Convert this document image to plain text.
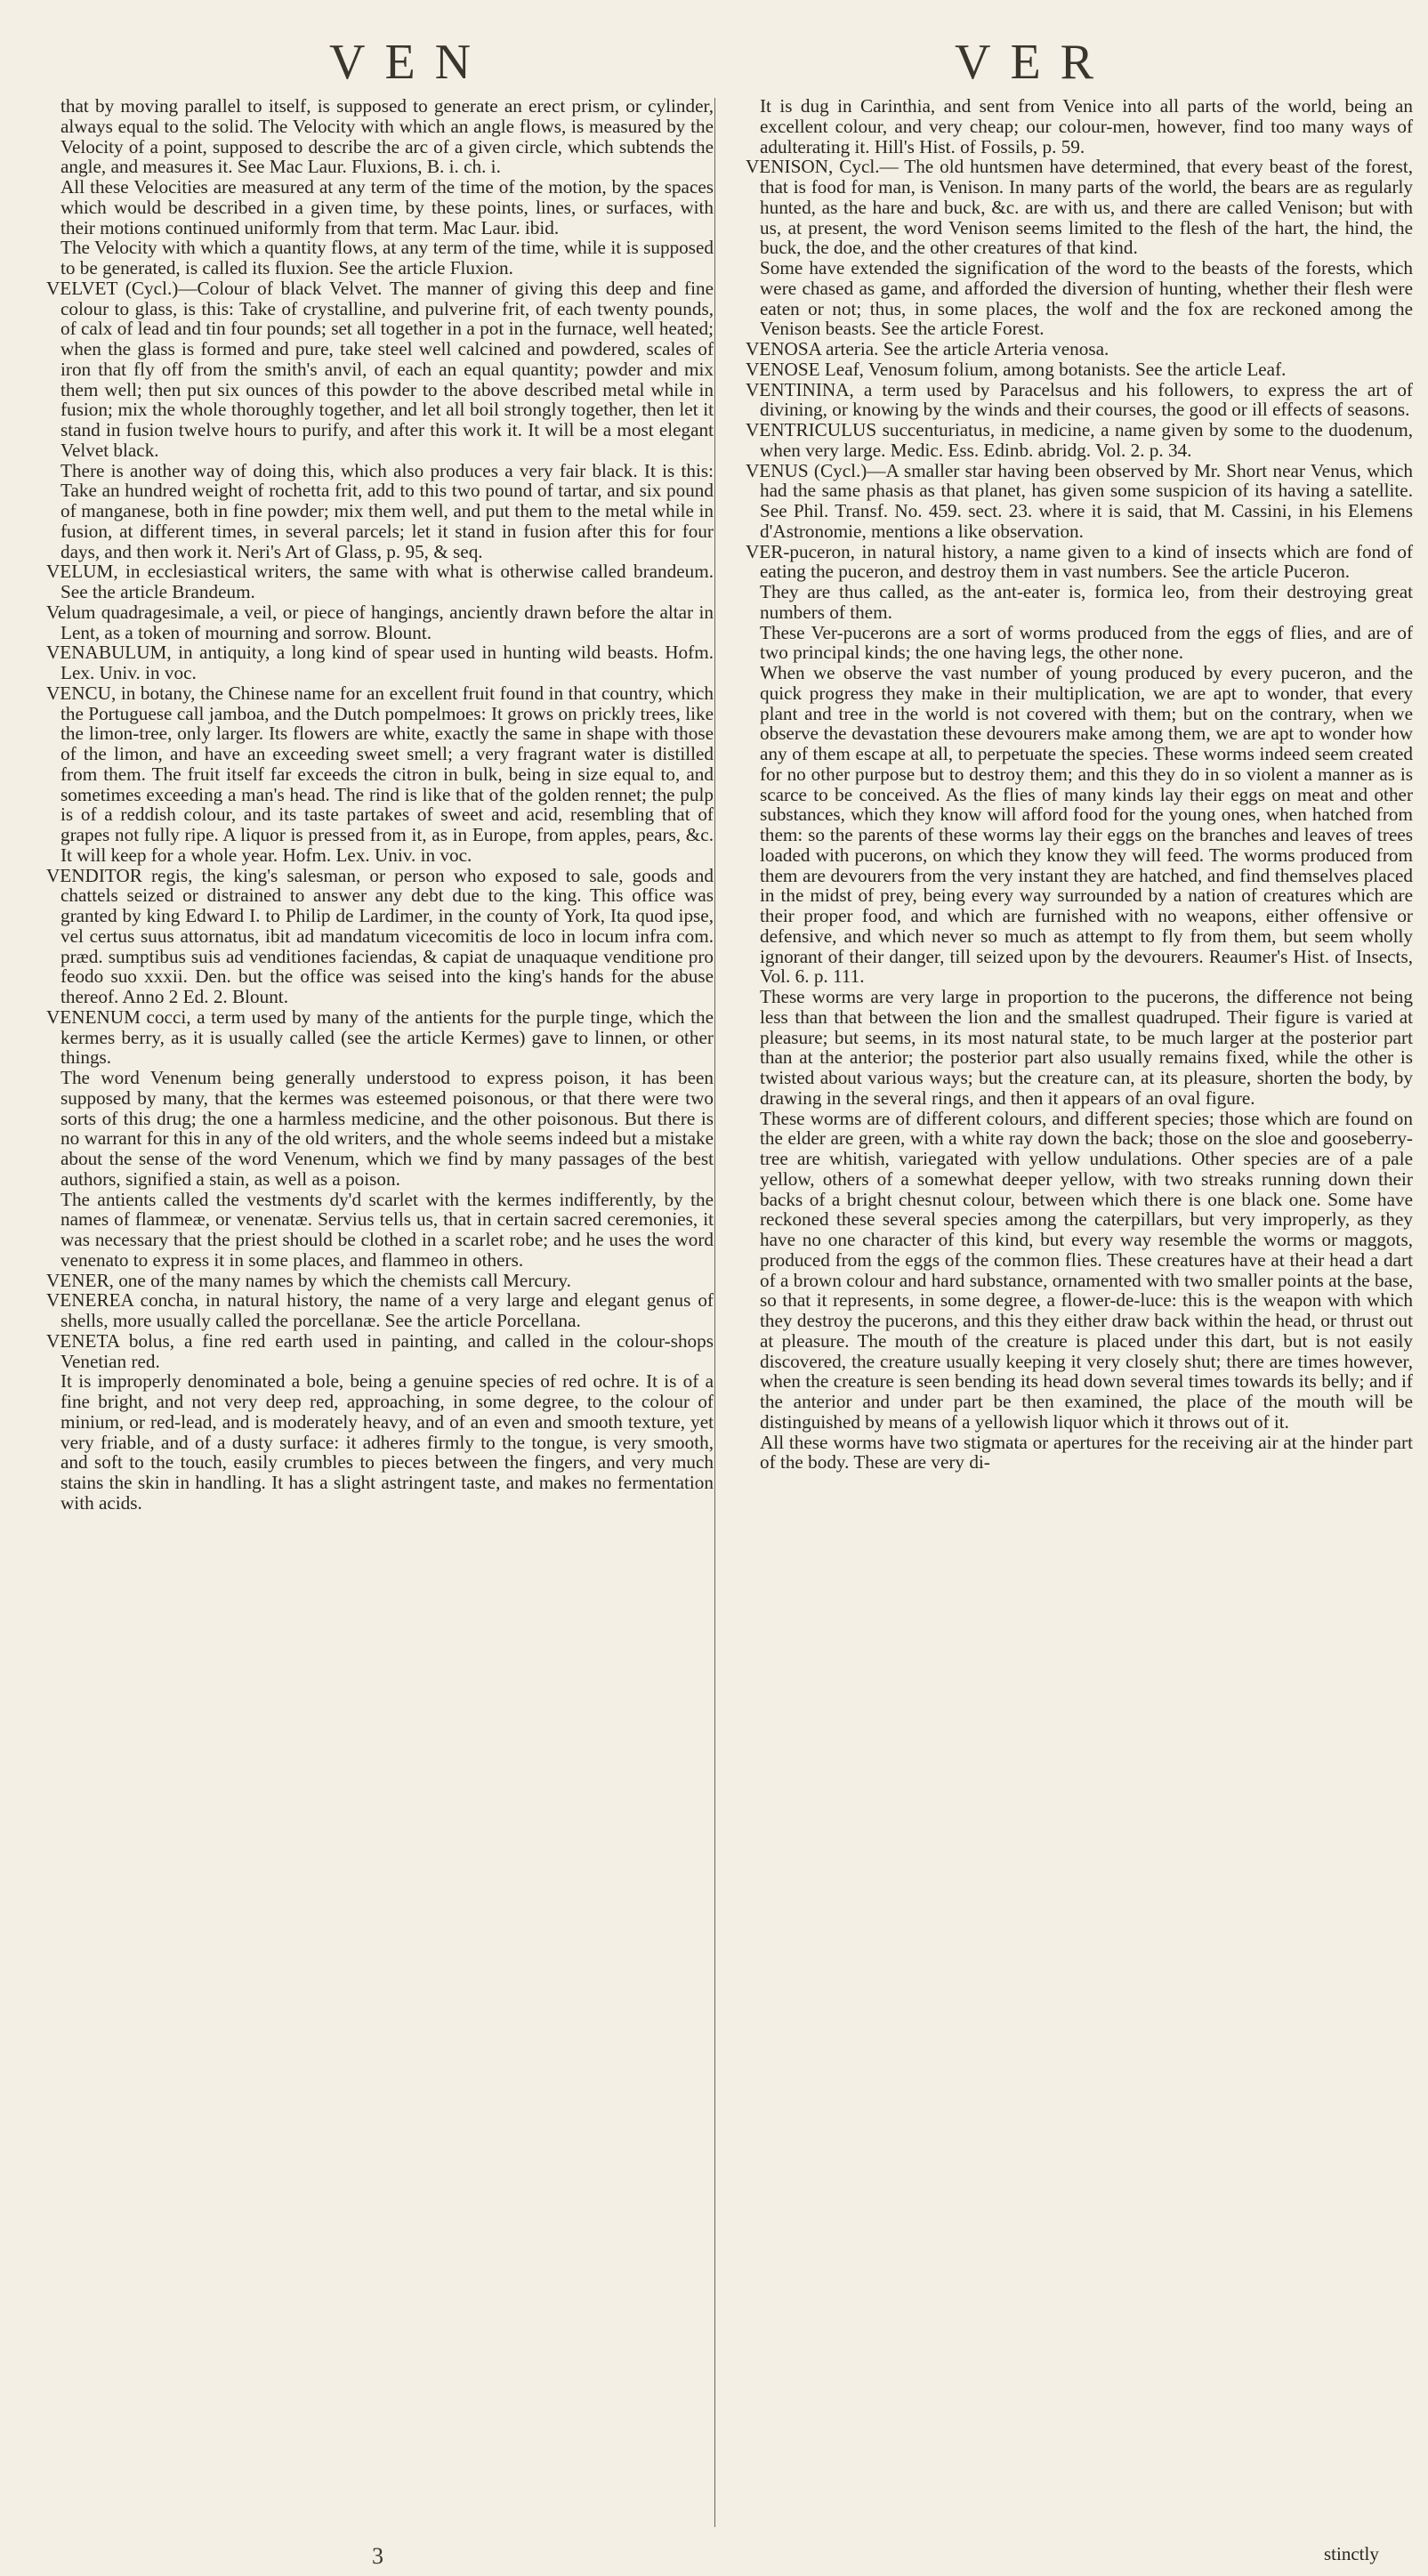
VEN	VER

that by moving parallel to itself, is supposed to generate an erect prism, or cylinder, always equal to the solid. The Velocity with which an angle flows, is measured by the Velocity of a point, supposed to describe the arc of a given circle, which subtends the angle, and measures it. See Mac Laur. Fluxions, B. i. ch. i.

All these Velocities are measured at any term of the time of the motion, by the spaces which would be described in a given time, by these points, lines, or surfaces, with their motions continued uniformly from that term. Mac Laur. ibid.

The Velocity with which a quantity flows, at any term of the time, while it is supposed to be generated, is called its fluxion. See the article Fluxion.

VELVET (Cycl.)—Colour of black Velvet. The manner of giving this deep and fine colour to glass, is this: Take of crystalline, and pulverine frit, of each twenty pounds, of calx of lead and tin four pounds; set all together in a pot in the furnace, well heated; when the glass is formed and pure, take steel well calcined and powdered, scales of iron that fly off from the smith's anvil, of each an equal quantity; powder and mix them well; then put six ounces of this powder to the above described metal while in fusion; mix the whole thoroughly together, and let all boil strongly together, then let it stand in fusion twelve hours to purify, and after this work it. It will be a most elegant Velvet black.

There is another way of doing this, which also produces a very fair black. It is this: Take an hundred weight of rochetta frit, add to this two pound of tartar, and six pound of manganese, both in fine powder; mix them well, and put them to the metal while in fusion, at different times, in several parcels; let it stand in fusion after this for four days, and then work it. Neri's Art of Glass, p. 95, & seq.

VELUM, in ecclesiastical writers, the same with what is otherwise called brandeum. See the article Brandeum.

Velum quadragesimale, a veil, or piece of hangings, anciently drawn before the altar in Lent, as a token of mourning and sorrow. Blount.

VENABULUM, in antiquity, a long kind of spear used in hunting wild beasts. Hofm. Lex. Univ. in voc.

VENCU, in botany, the Chinese name for an excellent fruit found in that country, which the Portuguese call jamboa, and the Dutch pompelmoes: It grows on prickly trees, like the limon-tree, only larger. Its flowers are white, exactly the same in shape with those of the limon, and have an exceeding sweet smell; a very fragrant water is distilled from them. The fruit itself far exceeds the citron in bulk, being in size equal to, and sometimes exceeding a man's head. The rind is like that of the golden rennet; the pulp is of a reddish colour, and its taste partakes of sweet and acid, resembling that of grapes not fully ripe. A liquor is pressed from it, as in Europe, from apples, pears, &c. It will keep for a whole year. Hofm. Lex. Univ. in voc.

VENDITOR regis, the king's salesman, or person who exposed to sale, goods and chattels seized or distrained to answer any debt due to the king. This office was granted by king Edward I. to Philip de Lardimer, in the county of York, Ita quod ipse, vel certus suus attornatus, ibit ad mandatum vicecomitis de loco in locum infra com. præd. sumptibus suis ad venditiones faciendas, & capiat de unaquaque venditione pro feodo suo xxxii. Den. but the office was seised into the king's hands for the abuse thereof. Anno 2 Ed. 2. Blount.

VENENUM cocci, a term used by many of the antients for the purple tinge, which the kermes berry, as it is usually called (see the article Kermes) gave to linnen, or other things.

The word Venenum being generally understood to express poison, it has been supposed by many, that the kermes was esteemed poisonous, or that there were two sorts of this drug; the one a harmless medicine, and the other poisonous. But there is no warrant for this in any of the old writers, and the whole seems indeed but a mistake about the sense of the word Venenum, which we find by many passages of the best authors, signified a stain, as well as a poison.

The antients called the vestments dy'd scarlet with the kermes indifferently, by the names of flammeæ, or venenatæ. Servius tells us, that in certain sacred ceremonies, it was necessary that the priest should be clothed in a scarlet robe; and he uses the word venenato to express it in some places, and flammeo in others.

VENER, one of the many names by which the chemists call Mercury.

VENEREA concha, in natural history, the name of a very large and elegant genus of shells, more usually called the porcellanæ. See the article Porcellana.

VENETA bolus, a fine red earth used in painting, and called in the colour-shops Venetian red.

It is improperly denominated a bole, being a genuine species of red ochre. It is of a fine bright, and not very deep red, approaching, in some degree, to the colour of minium, or red-lead, and is moderately heavy, and of an even and smooth texture, yet very friable, and of a dusty surface: it adheres firmly to the tongue, is very smooth, and soft to the touch, easily crumbles to pieces between the fingers, and very much stains the skin in handling. It has a slight astringent taste, and makes no fermentation with acids.

It is dug in Carinthia, and sent from Venice into all parts of the world, being an excellent colour, and very cheap; our colour-men, however, find too many ways of adulterating it. Hill's Hist. of Fossils, p. 59.

VENISON, Cycl.— The old huntsmen have determined, that every beast of the forest, that is food for man, is Venison. In many parts of the world, the bears are as regularly hunted, as the hare and buck, &c. are with us, and there are called Venison; but with us, at present, the word Venison seems limited to the flesh of the hart, the hind, the buck, the doe, and the other creatures of that kind.

Some have extended the signification of the word to the beasts of the forests, which were chased as game, and afforded the diversion of hunting, whether their flesh were eaten or not; thus, in some places, the wolf and the fox are reckoned among the Venison beasts. See the article Forest.

VENOSA arteria. See the article Arteria venosa.

VENOSE Leaf, Venosum folium, among botanists. See the article Leaf.

VENTININA, a term used by Paracelsus and his followers, to express the art of divining, or knowing by the winds and their courses, the good or ill effects of seasons.

VENTRICULUS succenturiatus, in medicine, a name given by some to the duodenum, when very large. Medic. Ess. Edinb. abridg. Vol. 2. p. 34.

VENUS (Cycl.)—A smaller star having been observed by Mr. Short near Venus, which had the same phasis as that planet, has given some suspicion of its having a satellite. See Phil. Transf. No. 459. sect. 23. where it is said, that M. Cassini, in his Elemens d'Astronomie, mentions a like observation.

VER-puceron, in natural history, a name given to a kind of insects which are fond of eating the puceron, and destroy them in vast numbers. See the article Puceron.

They are thus called, as the ant-eater is, formica leo, from their destroying great numbers of them.

These Ver-pucerons are a sort of worms produced from the eggs of flies, and are of two principal kinds; the one having legs, the other none.

When we observe the vast number of young produced by every puceron, and the quick progress they make in their multiplication, we are apt to wonder, that every plant and tree in the world is not covered with them; but on the contrary, when we observe the devastation these devourers make among them, we are apt to wonder how any of them escape at all, to perpetuate the species. These worms indeed seem created for no other purpose but to destroy them; and this they do in so violent a manner as is scarce to be conceived. As the flies of many kinds lay their eggs on meat and other substances, which they know will afford food for the young ones, when hatched from them: so the parents of these worms lay their eggs on the branches and leaves of trees loaded with pucerons, on which they know they will feed. The worms produced from them are devourers from the very instant they are hatched, and find themselves placed in the midst of prey, being every way surrounded by a nation of creatures which are their proper food, and which are furnished with no weapons, either offensive or defensive, and which never so much as attempt to fly from them, but seem wholly ignorant of their danger, till seized upon by the devourers. Reaumer's Hist. of Insects, Vol. 6. p. 111.

These worms are very large in proportion to the pucerons, the difference not being less than that between the lion and the smallest quadruped. Their figure is varied at pleasure; but seems, in its most natural state, to be much larger at the posterior part than at the anterior; the posterior part also usually remains fixed, while the other is twisted about various ways; but the creature can, at its pleasure, shorten the body, by drawing in the several rings, and then it appears of an oval figure.

These worms are of different colours, and different species; those which are found on the elder are green, with a white ray down the back; those on the sloe and gooseberry-tree are whitish, variegated with yellow undulations. Other species are of a pale yellow, others of a somewhat deeper yellow, with two streaks running down their backs of a bright chesnut colour, between which there is one black one. Some have reckoned these several species among the caterpillars, but very improperly, as they have no one character of this kind, but every way resemble the worms or maggots, produced from the eggs of the common flies. These creatures have at their head a dart of a brown colour and hard substance, ornamented with two smaller points at the base, so that it represents, in some degree, a flower-de-luce: this is the weapon with which they destroy the pucerons, and this they either draw back within the head, or thrust out at pleasure. The mouth of the creature is placed under this dart, but is not easily discovered, the creature usually keeping it very closely shut; there are times however, when the creature is seen bending its head down several times towards its belly; and if the anterior and under part be then examined, the place of the mouth will be distinguished by means of a yellowish liquor which it throws out of it.

All these worms have two stigmata or apertures for the receiving air at the hinder part of the body. These are very di-

3	stinctly
